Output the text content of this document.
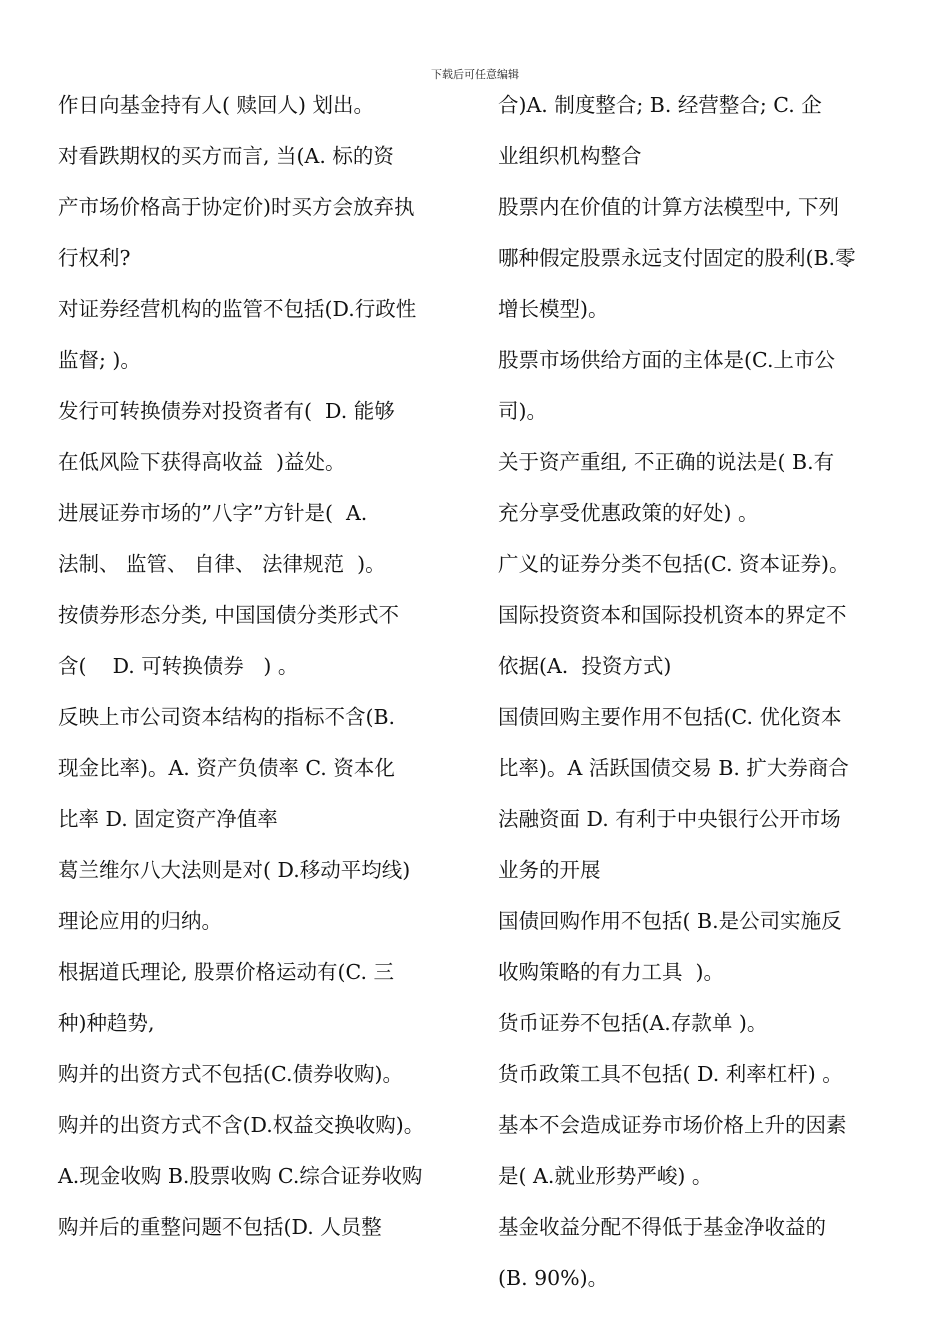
下载后可任意编辑
作日向基金持有人( 赎回人) 划出。
对看跌期权的买方而言, 当(A. 标的资
产市场价格高于协定价)时买方会放弃执
行权利?
对证券经营机构的监管不包括(D.行政性
监督; )。
发行可转换债券对投资者有(  D. 能够
在低风险下获得高收益  )益处。
进展证券市场的”八字”方针是(  A.
法制、 监管、 自律、 法律规范  )。
按债券形态分类, 中国国债分类形式不
含(    D. 可转换债券   ) 。
反映上市公司资本结构的指标不含(B.
现金比率)。A. 资产负债率 C. 资本化
比率 D. 固定资产净值率
葛兰维尔八大法则是对( D.移动平均线)
理论应用的归纳。
根据道氏理论, 股票价格运动有(C. 三
种)种趋势,
购并的出资方式不包括(C.债券收购)。
购并的出资方式不含(D.权益交换收购)。
A.现金收购 B.股票收购 C.综合证券收购
购并后的重整问题不包括(D. 人员整
合)A. 制度整合; B. 经营整合; C. 企
业组织机构整合
股票内在价值的计算方法模型中, 下列
哪种假定股票永远支付固定的股利(B.零
增长模型)。
股票市场供给方面的主体是(C.上市公
司)。
关于资产重组, 不正确的说法是( B.有
充分享受优惠政策的好处) 。
广义的证券分类不包括(C. 资本证券)。
国际投资资本和国际投机资本的界定不
依据(A.  投资方式)
国债回购主要作用不包括(C. 优化资本
比率)。A 活跃国债交易 B. 扩大券商合
法融资面 D. 有利于中央银行公开市场
业务的开展
国债回购作用不包括( B.是公司实施反
收购策略的有力工具  )。
货币证券不包括(A.存款单 )。
货币政策工具不包括( D. 利率杠杆) 。
基本不会造成证券市场价格上升的因素
是( A.就业形势严峻) 。
基金收益分配不得低于基金净收益的
(B. 90%)。
